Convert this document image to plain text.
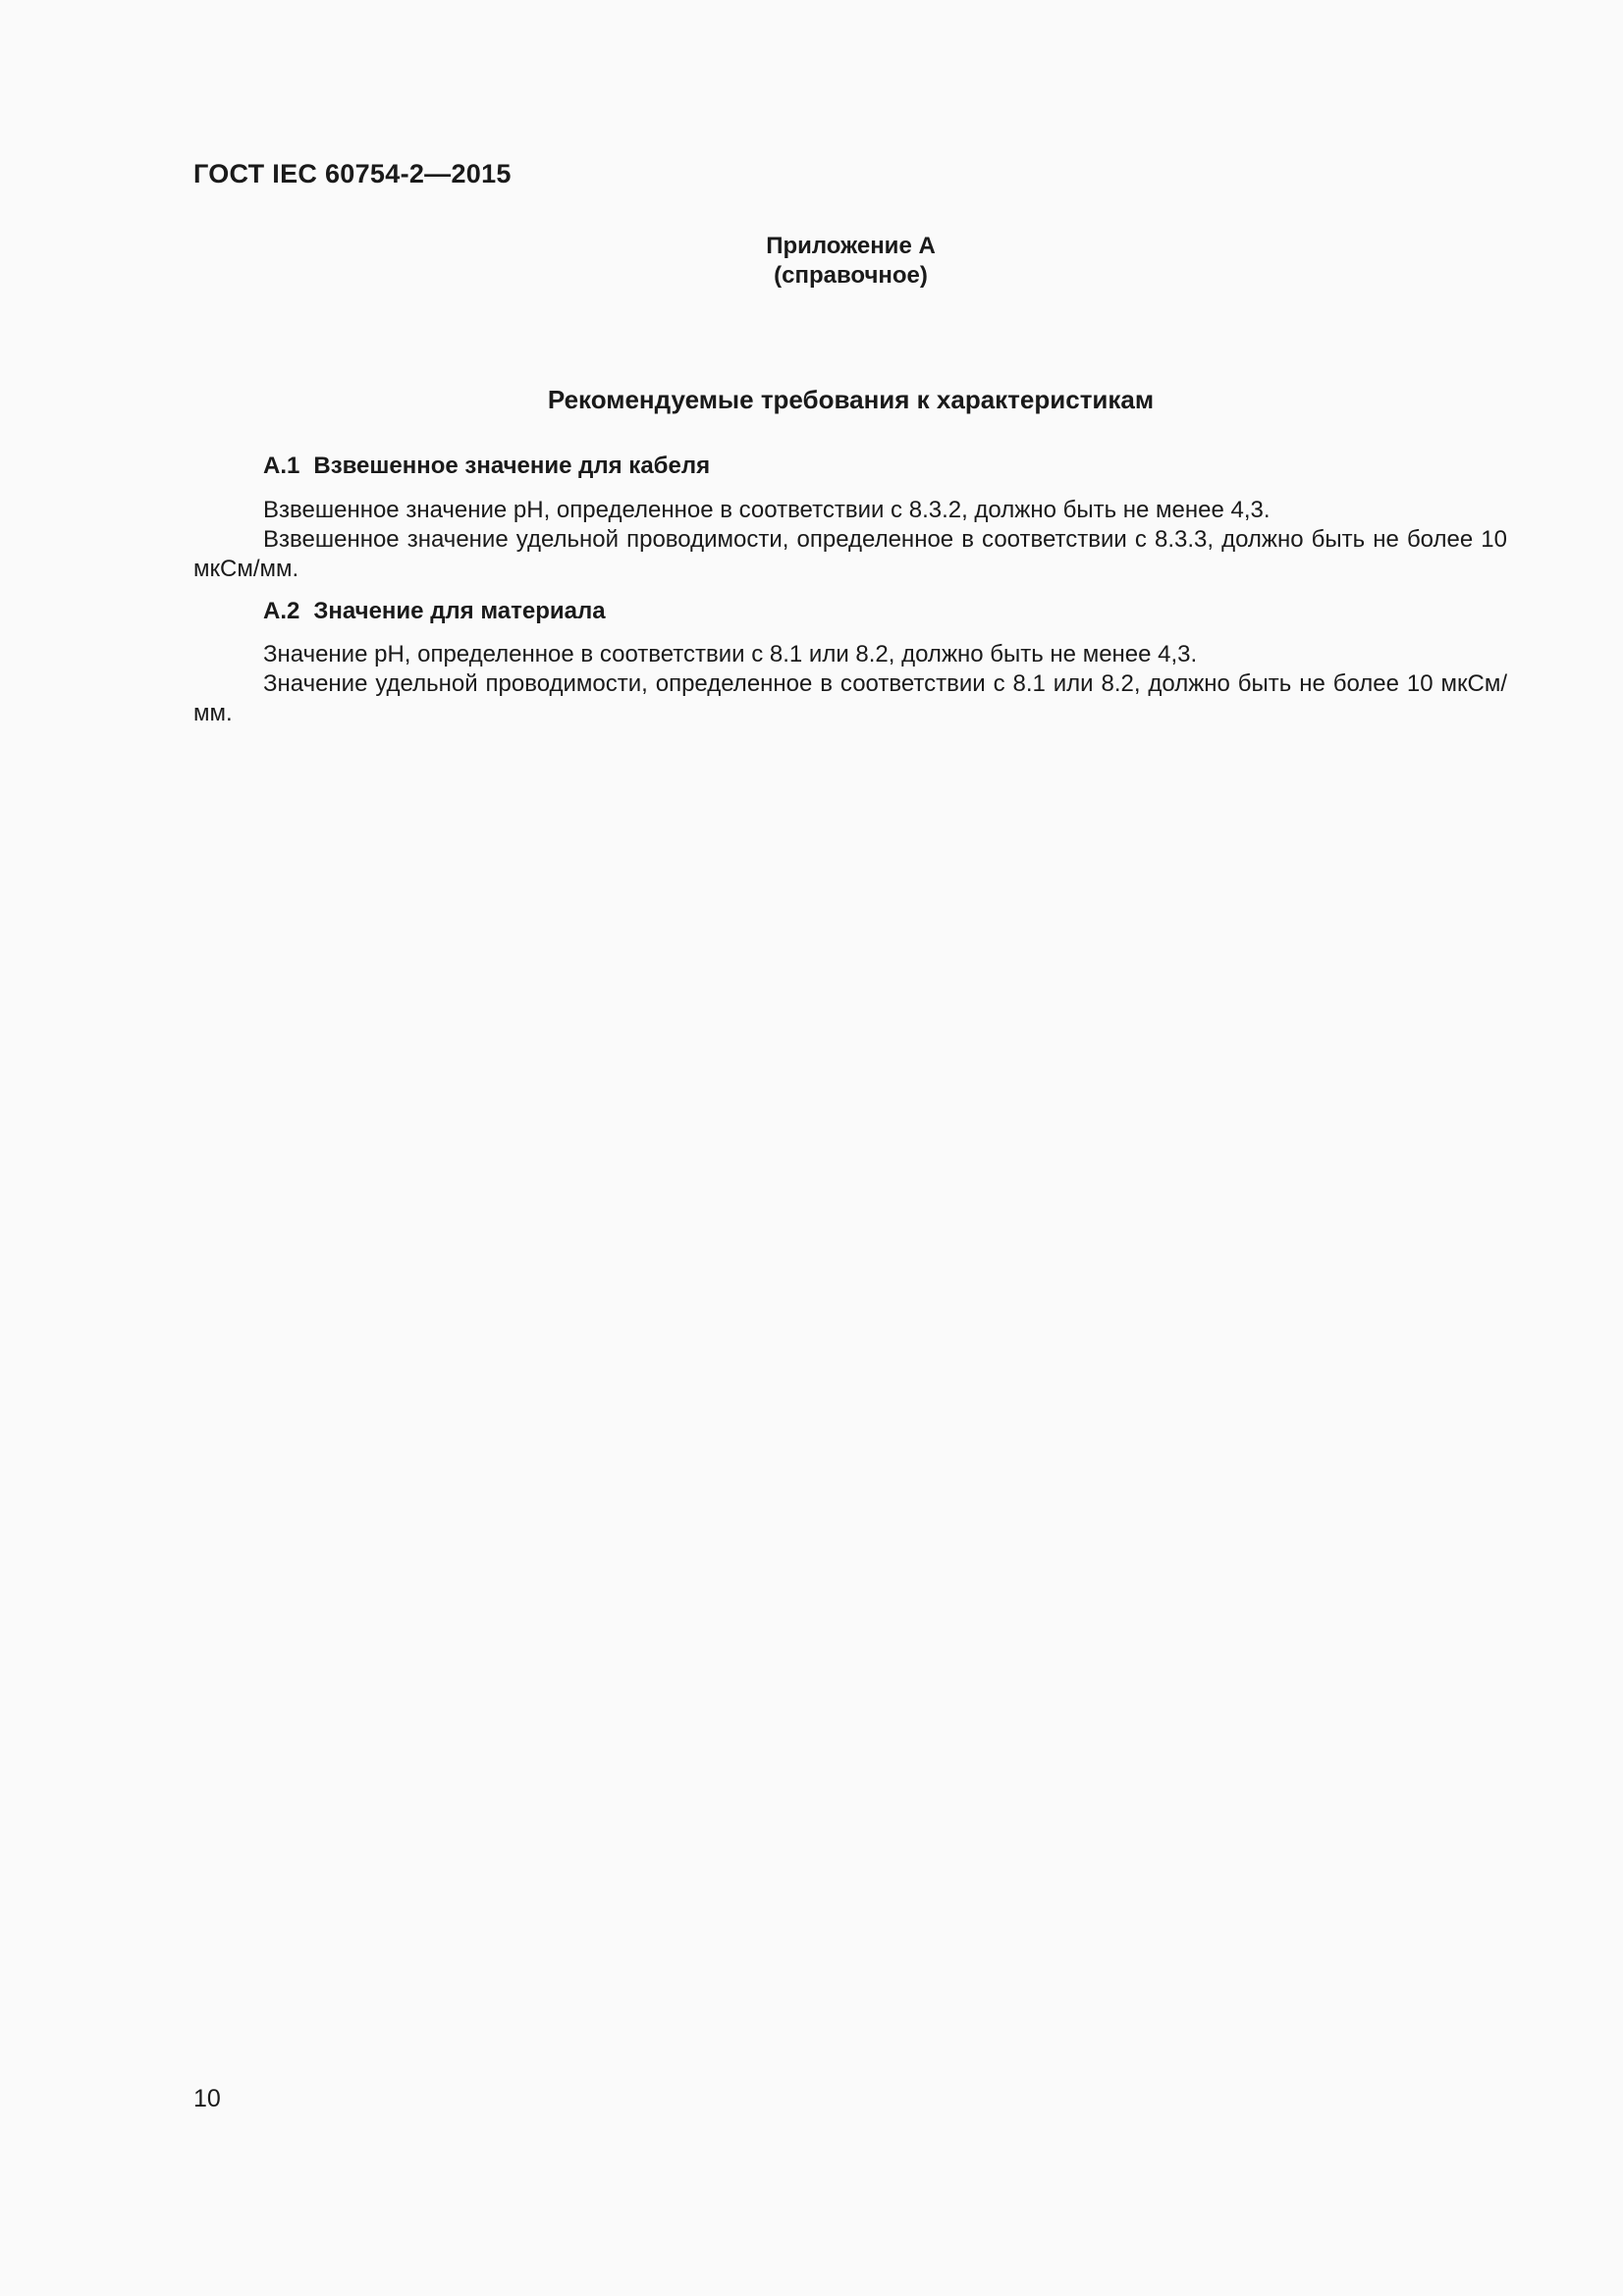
ГОСТ IEC 60754-2—2015
Приложение А
(справочное)
Рекомендуемые требования к характеристикам
А.1 Взвешенное значение для кабеля

Взвешенное значение рН, определенное в соответствии с 8.3.2, должно быть не менее 4,3.

Взвешенное значение удельной проводимости, определенное в соответствии с 8.3.3, должно быть не более 10 мкСм/мм.

А.2 Значение для материала

Значение рН, определенное в соответствии с 8.1 или 8.2, должно быть не менее 4,3.

Значение удельной проводимости, определенное в соответствии с 8.1 или 8.2, должно быть не более 10 мкСм/мм.

10
